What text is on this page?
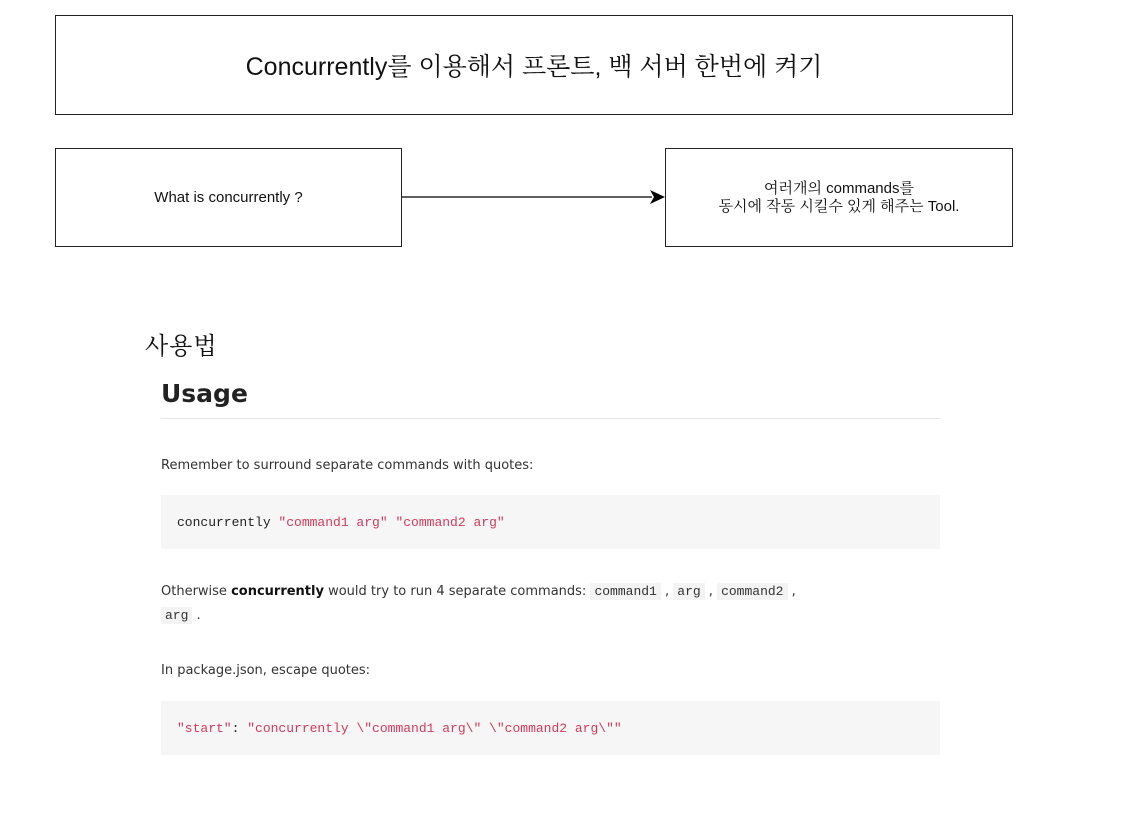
Concurrently를 이용해서 프론트, 백 서버 한번에 켜기
What is concurrently ?
여러개의 commands를
동시에 작동 시킬수 있게 해주는 Tool.
사용법
Usage
Remember to surround separate commands with quotes:
concurrently "command1 arg"
"command2 arg"
Otherwise concurrently would try to run 4 separate commands: command1 , arg , command2 ,
arg .
In package.json, escape quotes:
"start" : "concurrently \"command1 arg\" \"command2 arg\""
